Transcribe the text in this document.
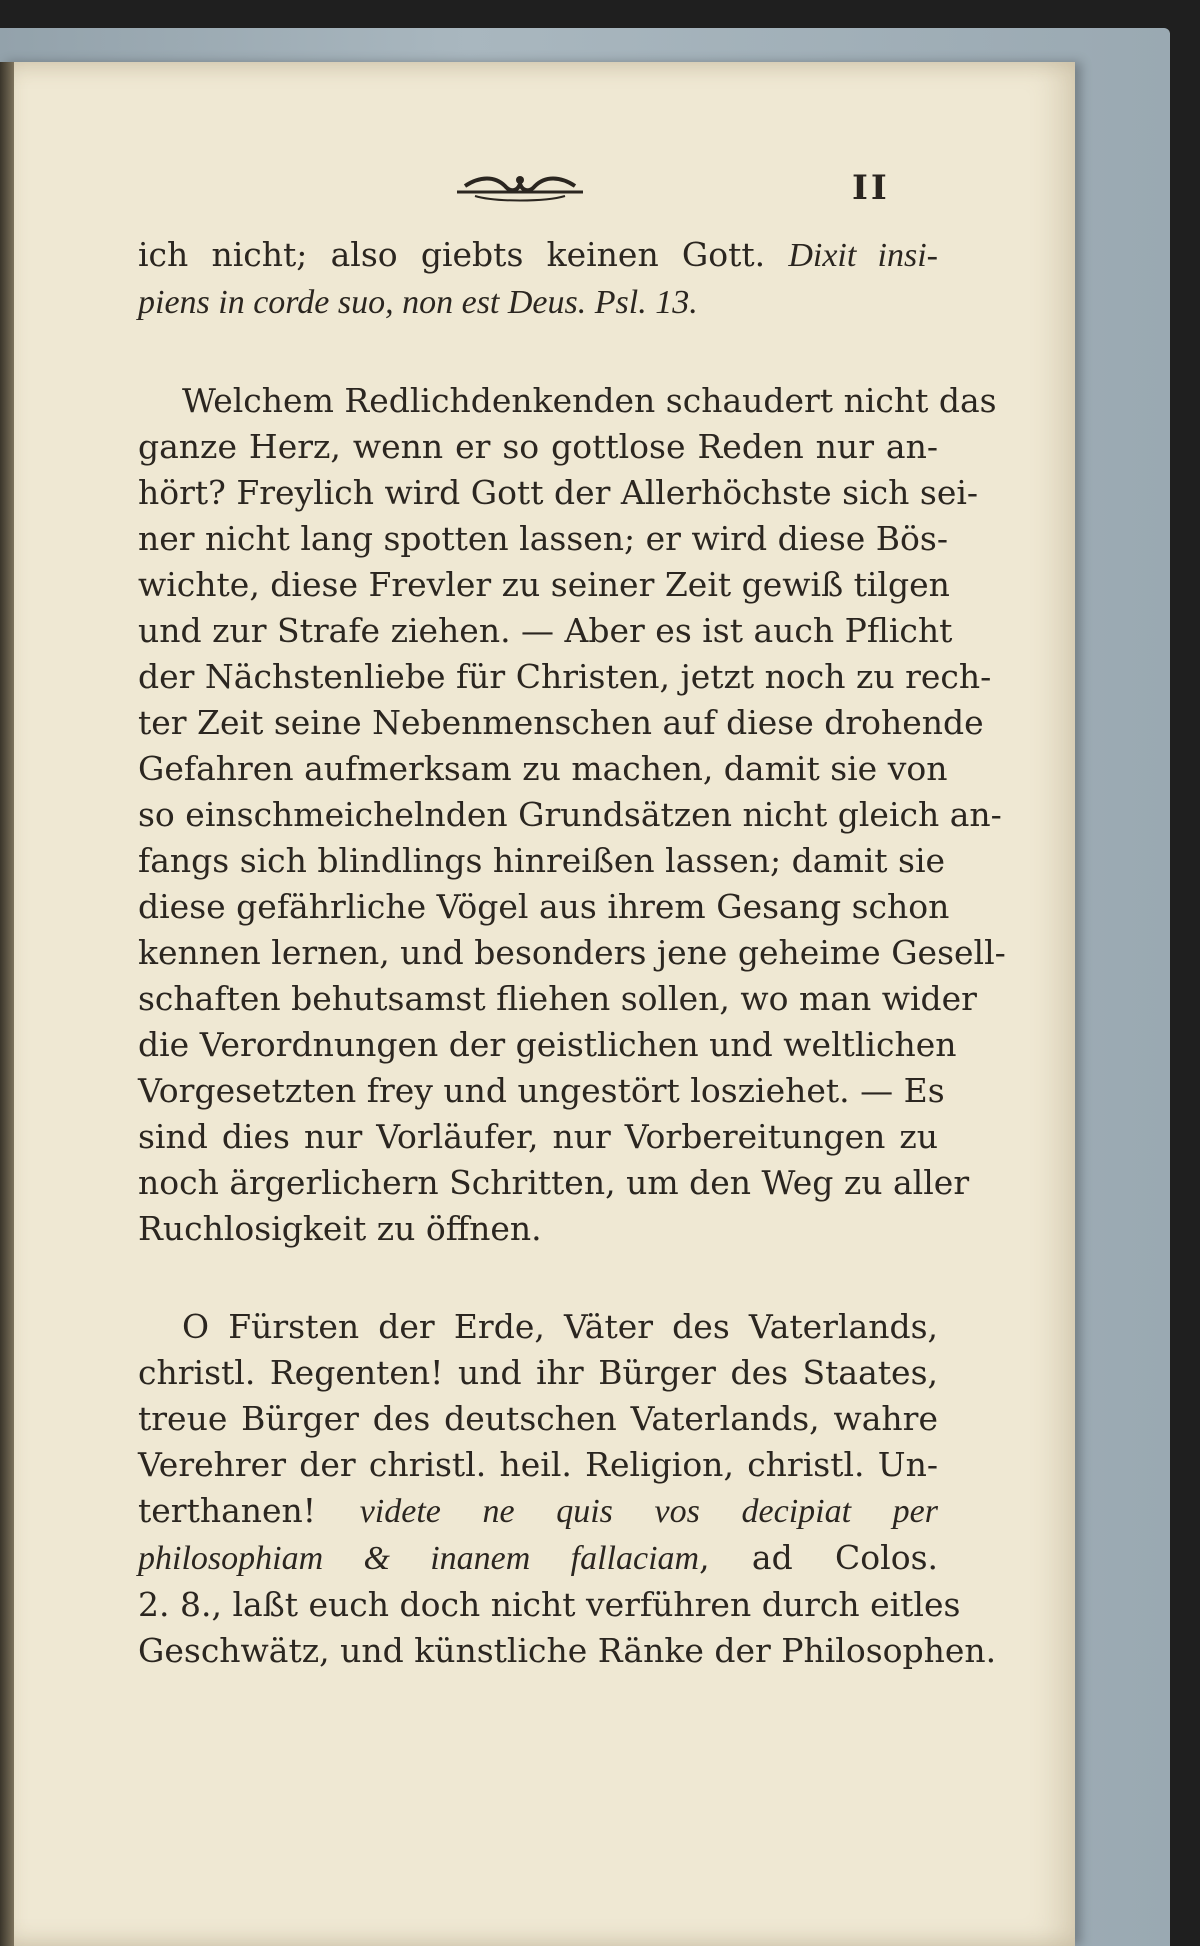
II
ich nicht; also giebts keinen Gott. Dixit insi-
piens in corde suo, non est Deus. Psl. 13.
Welchem Redlichdenkenden schaudert nicht das
ganze Herz, wenn er so gottlose Reden nur an-
hört? Freylich wird Gott der Allerhöchste sich sei-
ner nicht lang spotten lassen; er wird diese Bös-
wichte, diese Frevler zu seiner Zeit gewiß tilgen
und zur Strafe ziehen. — Aber es ist auch Pflicht
der Nächstenliebe für Christen, jetzt noch zu rech-
ter Zeit seine Nebenmenschen auf diese drohende
Gefahren aufmerksam zu machen, damit sie von
so einschmeichelnden Grundsätzen nicht gleich an-
fangs sich blindlings hinreißen lassen; damit sie
diese gefährliche Vögel aus ihrem Gesang schon
kennen lernen, und besonders jene geheime Gesell-
schaften behutsamst fliehen sollen, wo man wider
die Verordnungen der geistlichen und weltlichen
Vorgesetzten frey und ungestört losziehet. — Es
sind dies nur Vorläufer, nur Vorbereitungen zu
noch ärgerlichern Schritten, um den Weg zu aller
Ruchlosigkeit zu öffnen.
O Fürsten der Erde, Väter des Vaterlands,
christl. Regenten! und ihr Bürger des Staates,
treue Bürger des deutschen Vaterlands, wahre
Verehrer der christl. heil. Religion, christl. Un-
terthanen! videte ne quis vos decipiat per
philosophiam & inanem fallaciam, ad Colos.
2. 8., laßt euch doch nicht verführen durch eitles
Geschwätz, und künstliche Ränke der Philosophen.
